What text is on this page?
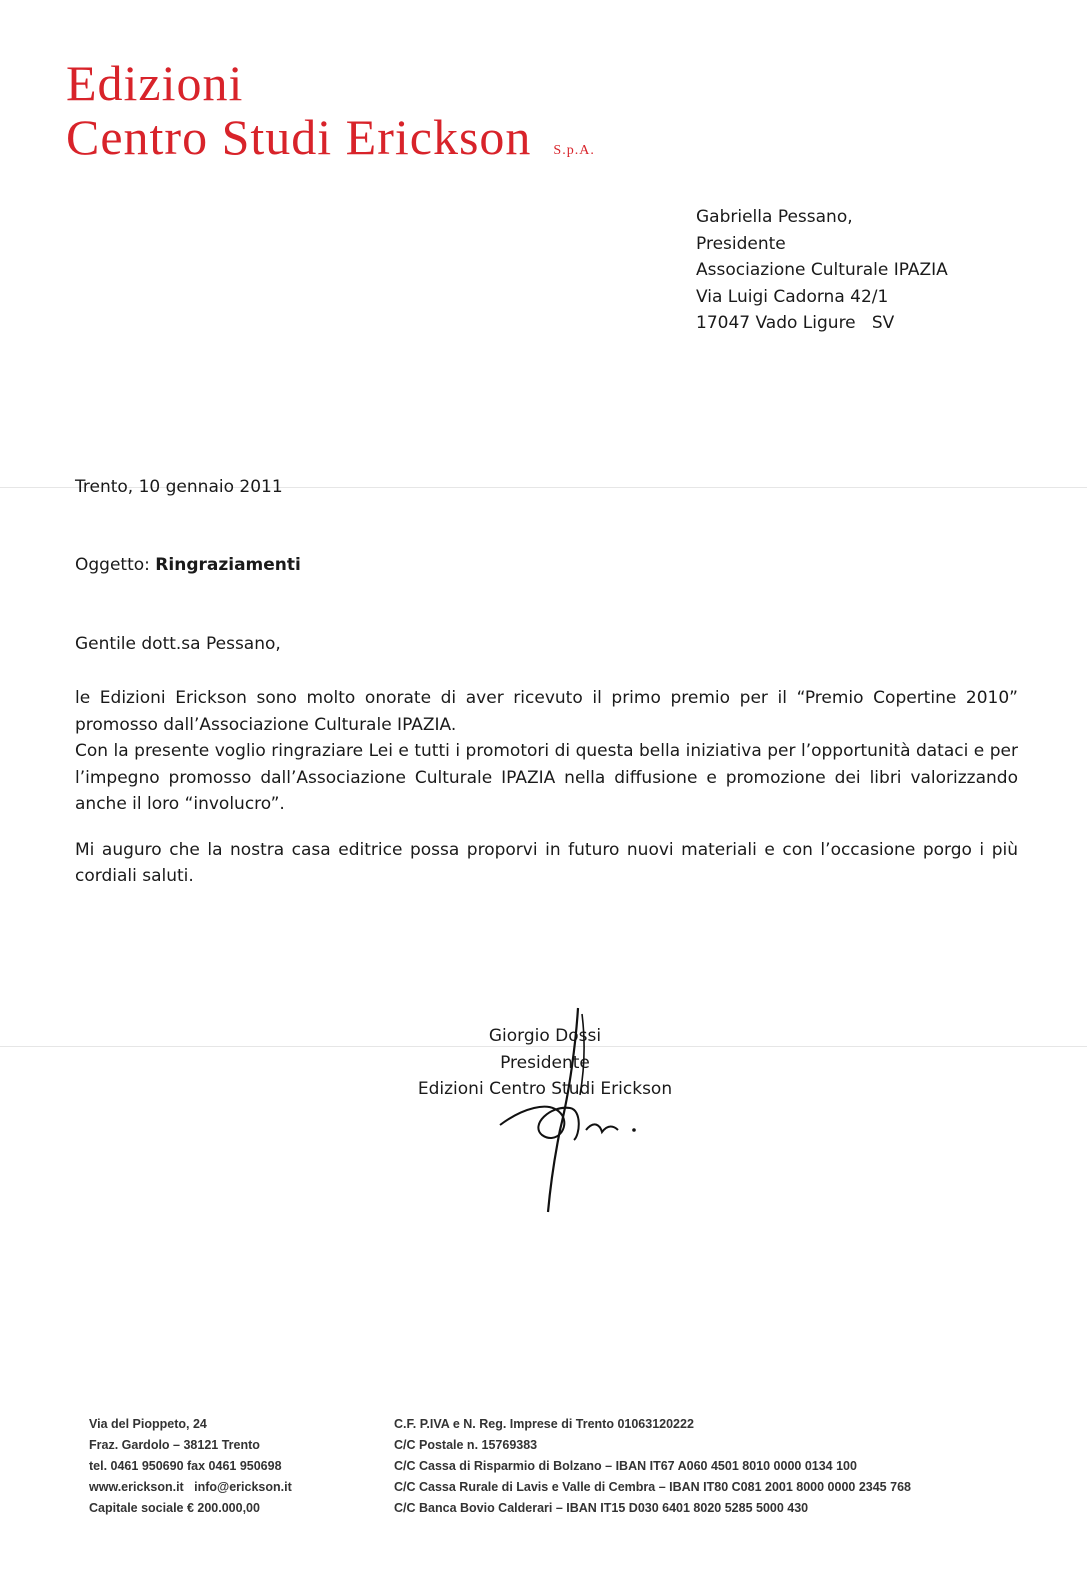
Edizioni
Centro Studi Erickson S.p.A.
Gabriella Pessano,
Presidente
Associazione Culturale IPAZIA
Via Luigi Cadorna 42/1
17047 Vado Ligure   SV
Trento, 10 gennaio 2011
Oggetto: Ringraziamenti
Gentile dott.sa Pessano,

le Edizioni Erickson sono molto onorate di aver ricevuto il primo premio per il “Premio Copertine 2010” promosso dall’Associazione Culturale IPAZIA.

Con la presente voglio ringraziare Lei e tutti i promotori di questa bella iniziativa per l’opportunità dataci e per l’impegno promosso dall’Associazione Culturale IPAZIA nella diffusione e promozione dei libri valorizzando anche il loro “involucro”.

Mi auguro che la nostra casa editrice possa proporvi in futuro nuovi materiali e con l’occasione porgo i più cordiali saluti.

Giorgio Dossi
Presidente
Edizioni Centro Studi Erickson
Via del Pioppeto, 24
Fraz. Gardolo – 38121 Trento
tel. 0461 950690 fax 0461 950698
www.erickson.it   info@erickson.it
Capitale sociale € 200.000,00
C.F. P.IVA e N. Reg. Imprese di Trento 01063120222
C/C Postale n. 15769383
C/C Cassa di Risparmio di Bolzano – IBAN IT67 A060 4501 8010 0000 0134 100
C/C Cassa Rurale di Lavis e Valle di Cembra – IBAN IT80 C081 2001 8000 0000 2345 768
C/C Banca Bovio Calderari – IBAN IT15 D030 6401 8020 5285 5000 430
